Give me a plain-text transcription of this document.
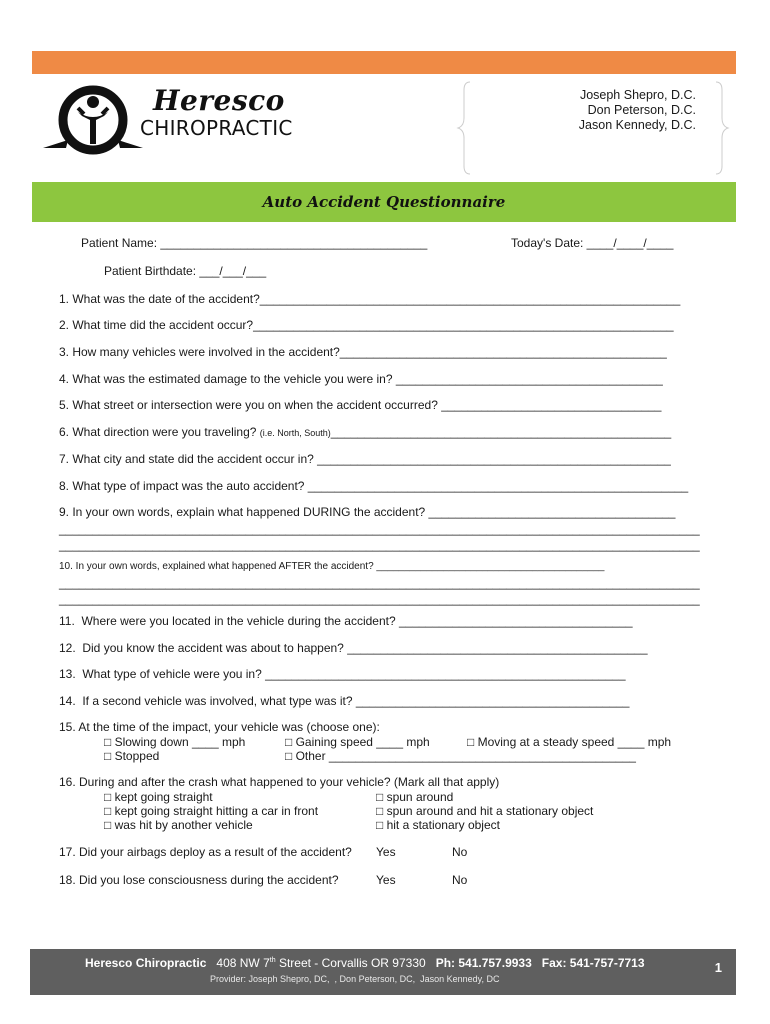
Heresco
CHIROPRACTIC
Joseph Shepro, D.C.
Don Peterson, D.C.
Jason Kennedy, D.C.
Auto Accident Questionnaire
Patient Name: ________________________________________	Today's Date: ____/____/____
Patient Birthdate: ___/___/___
1. What was the date of the accident?_______________________________________________________________
2. What time did the accident occur?_______________________________________________________________
3. How many vehicles were involved in the accident?_________________________________________________
4. What was the estimated damage to the vehicle you were in? ________________________________________
5. What street or intersection were you on when the accident occurred? _________________________________
6. What direction were you traveling? (i.e. North, South)___________________________________________________
7. What city and state did the accident occur in? _____________________________________________________
8. What type of impact was the auto accident? _________________________________________________________
9. In your own words, explain what happened DURING the accident? _____________________________________
________________________________________________________________________________________________
________________________________________________________________________________________________
10. In your own words, explained what happened AFTER the accident? _________________________________________
________________________________________________________________________________________________
________________________________________________________________________________________________
11.  Where were you located in the vehicle during the accident? ___________________________________
12.  Did you know the accident was about to happen? _____________________________________________
13.  What type of vehicle were you in? ______________________________________________________
14.  If a second vehicle was involved, what type was it? _________________________________________
15. At the time of the impact, your vehicle was (choose one):
□ Slowing down ____ mph	□ Gaining speed ____ mph	□ Moving at a steady speed ____ mph
□ Stopped	□ Other ______________________________________________
16. During and after the crash what happened to your vehicle? (Mark all that apply)
□ kept going straight	□ spun around
□ kept going straight hitting a car in front	□ spun around and hit a stationary object
□ was hit by another vehicle	□ hit a stationary object
17. Did your airbags deploy as a result of the accident? Yes	No
18. Did you lose consciousness during the accident?	Yes	No
Heresco Chiropractic 408 NW 7th Street - Corvallis OR 97330 Ph: 541.757.9933 Fax: 541-757-7713
Provider: Joseph Shepro, DC,  , Don Peterson, DC,  Jason Kennedy, DC
1
